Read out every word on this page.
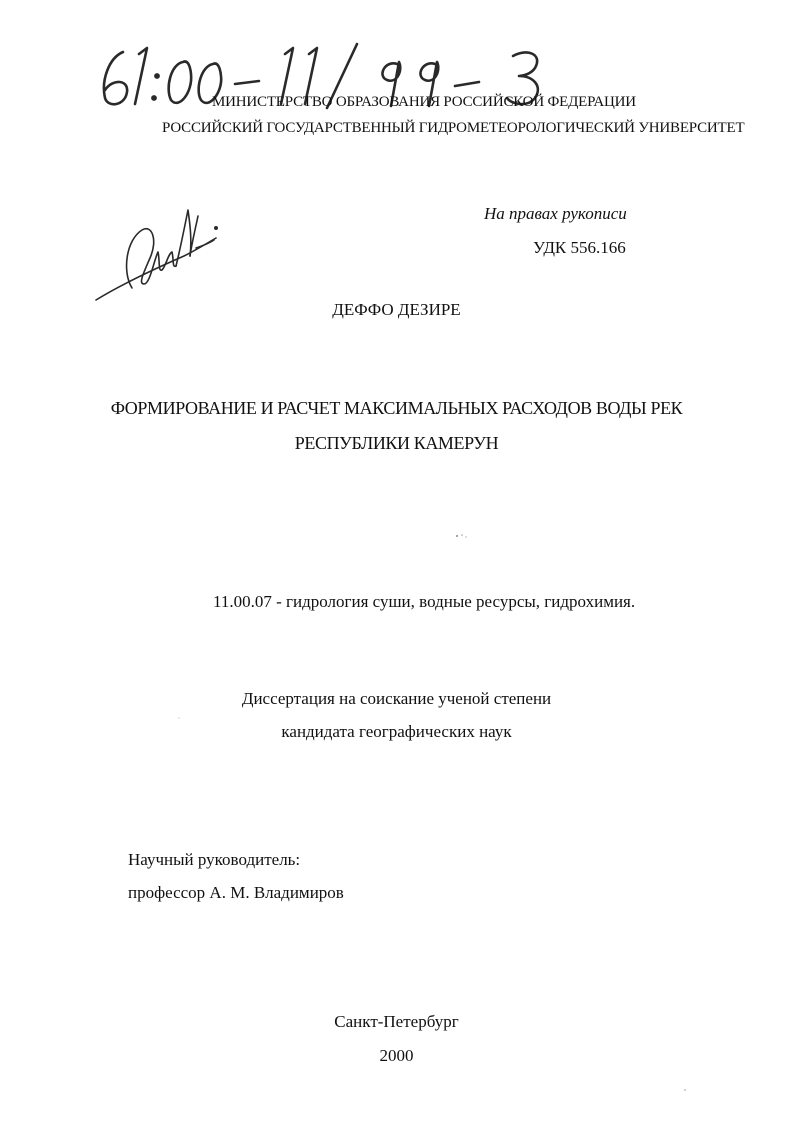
МИНИСТЕРСТВО ОБРАЗОВАНИЯ РОССИЙСКОЙ ФЕДЕРАЦИИ
РОССИЙСКИЙ ГОСУДАРСТВЕННЫЙ ГИДРОМЕТЕОРОЛОГИЧЕСКИЙ УНИВЕРСИТЕТ
На правах рукописи
УДК 556.166
ДЕФФО ДЕЗИРЕ
ФОРМИРОВАНИЕ И РАСЧЕТ МАКСИМАЛЬНЫХ РАСХОДОВ ВОДЫ РЕК
РЕСПУБЛИКИ КАМЕРУН
11.00.07 - гидрология суши, водные ресурсы, гидрохимия.
Диссертация на соискание ученой степени
кандидата географических наук
Научный руководитель:
профессор А. М. Владимиров
Санкт-Петербург
2000
